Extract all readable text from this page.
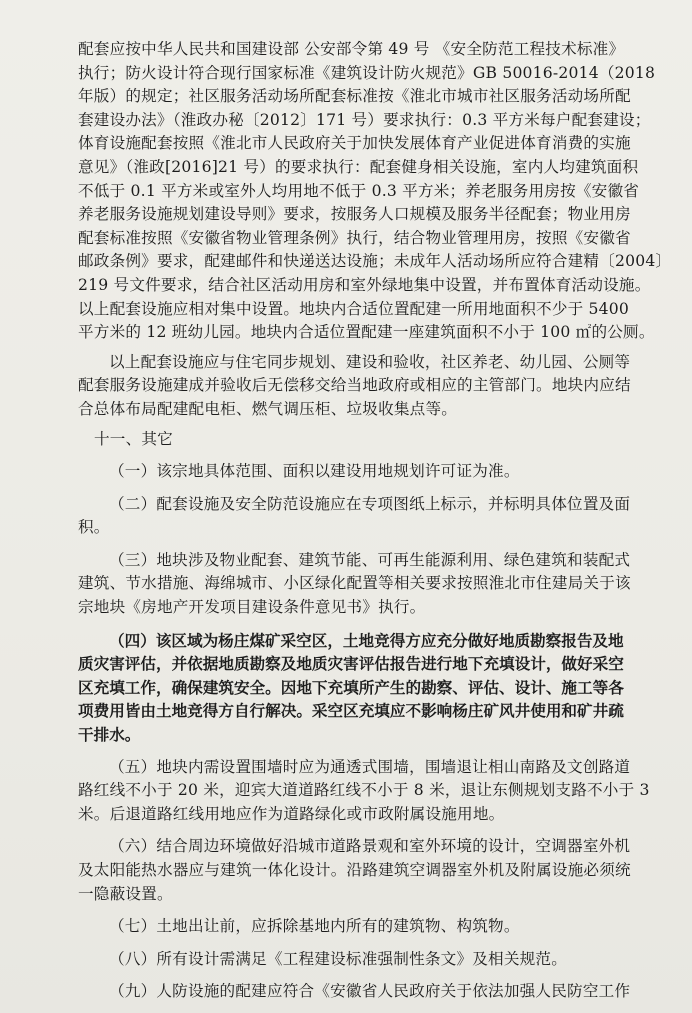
配套应按中华人民共和国建设部 公安部令第 49 号 《安全防范工程技术标准》
执行；防火设计符合现行国家标准《建筑设计防火规范》GB 50016-2014（2018
年版）的规定；社区服务活动场所配套标准按《淮北市城市社区服务活动场所配
套建设办法》（淮政办秘〔2012〕171 号）要求执行：0.3 平方米每户配套建设；
体育设施配套按照《淮北市人民政府关于加快发展体育产业促进体育消费的实施
意见》（淮政[2016]21 号）的要求执行：配套健身相关设施，室内人均建筑面积
不低于 0.1 平方米或室外人均用地不低于 0.3 平方米；养老服务用房按《安徽省
养老服务设施规划建设导则》要求，按服务人口规模及服务半径配套；物业用房
配套标准按照《安徽省物业管理条例》执行，结合物业管理用房，按照《安徽省
邮政条例》要求，配建邮件和快递送达设施；未成年人活动场所应符合建精〔2004〕
219 号文件要求，结合社区活动用房和室外绿地集中设置，并布置体育活动设施。
以上配套设施应相对集中设置。地块内合适位置配建一所用地面积不少于 5400
平方米的 12 班幼儿园。地块内合适位置配建一座建筑面积不小于 100 ㎡的公厕。
以上配套设施应与住宅同步规划、建设和验收，社区养老、幼儿园、公厕等
配套服务设施建成并验收后无偿移交给当地政府或相应的主管部门。地块内应结
合总体布局配建配电柜、燃气调压柜、垃圾收集点等。
十一、其它
（一）该宗地具体范围、面积以建设用地规划许可证为准。
（二）配套设施及安全防范设施应在专项图纸上标示，并标明具体位置及面
积。
（三）地块涉及物业配套、建筑节能、可再生能源利用、绿色建筑和装配式
建筑、节水措施、海绵城市、小区绿化配置等相关要求按照淮北市住建局关于该
宗地块《房地产开发项目建设条件意见书》执行。
（四）该区域为杨庄煤矿采空区，土地竞得方应充分做好地质勘察报告及地
质灾害评估，并依据地质勘察及地质灾害评估报告进行地下充填设计，做好采空
区充填工作，确保建筑安全。因地下充填所产生的勘察、评估、设计、施工等各
项费用皆由土地竞得方自行解决。采空区充填应不影响杨庄矿风井使用和矿井疏
干排水。
（五）地块内需设置围墙时应为通透式围墙，围墙退让相山南路及文创路道
路红线不小于 20 米，迎宾大道道路红线不小于 8 米，退让东侧规划支路不小于 3
米。后退道路红线用地应作为道路绿化或市政附属设施用地。
（六）结合周边环境做好沿城市道路景观和室外环境的设计，空调器室外机
及太阳能热水器应与建筑一体化设计。沿路建筑空调器室外机及附属设施必须统
一隐蔽设置。
（七）土地出让前，应拆除基地内所有的建筑物、构筑物。
（八）所有设计需满足《工程建设标准强制性条文》及相关规范。
（九）人防设施的配建应符合《安徽省人民政府关于依法加强人民防空工作
